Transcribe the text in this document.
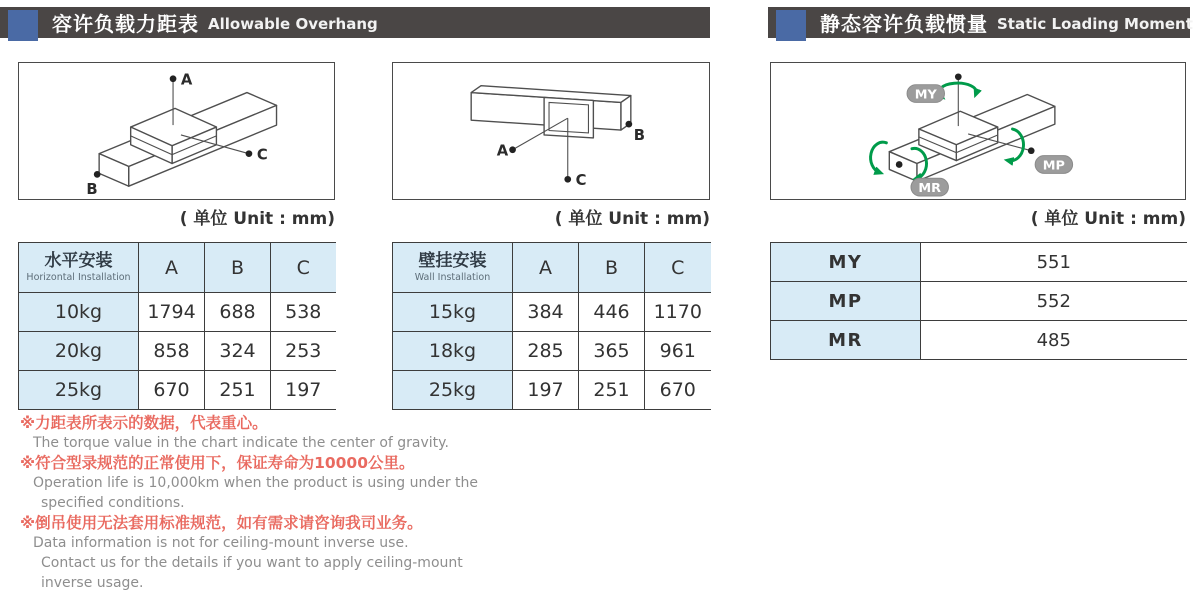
容许负载力距表 Allowable Overhang	静态容许负载惯量 Static Loading Moment
A
C
B
( 单位 Unit : mm)
A
C
B
( 单位 Unit : mm)
MY
MP
MR
( 单位 Unit : mm)
水平安装
Horizontal Installation	A	B	C
10kg	1794	688	538
20kg	858	324	253
25kg	670	251	197
壁挂安装
Wall Installation	A	B	C
15kg	384	446	1170
18kg	285	365	961
25kg	197	251	670
MY	551
MP	552
MR	485
※力距表所表示的数据，代表重心。
The torque value in the chart indicate the center of gravity.
※符合型录规范的正常使用下，保证寿命为10000公里。
Operation life is 10,000km when the product is using under the
specified conditions.
※倒吊使用无法套用标准规范，如有需求请咨询我司业务。
Data information is not for ceiling-mount inverse use.
Contact us for the details if you want to apply ceiling-mount
inverse usage.
